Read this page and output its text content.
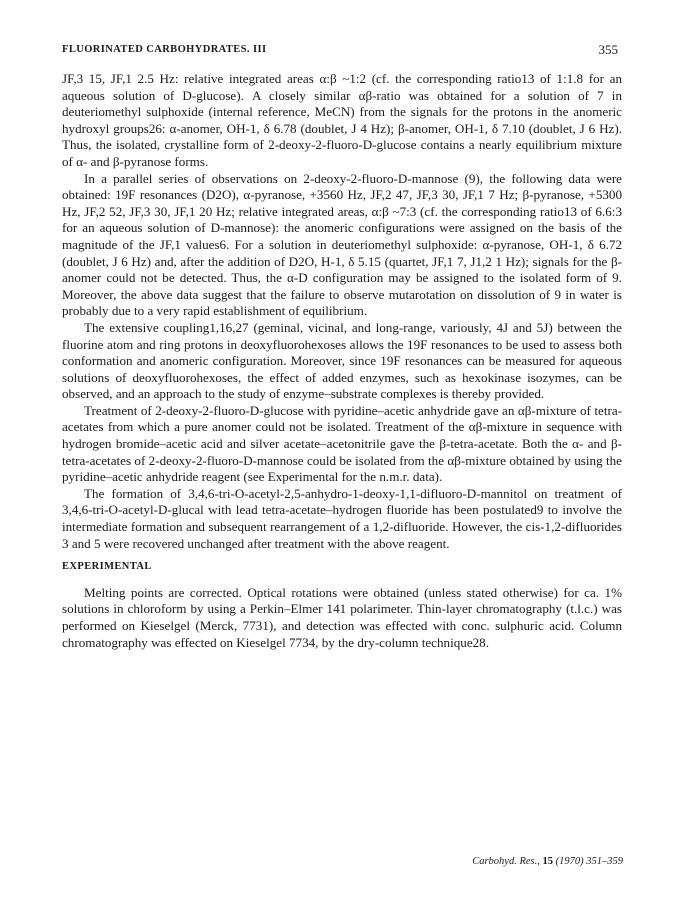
FLUORINATED CARBOHYDRATES. III	355

JF,3 15, JF,1 2.5 Hz: relative integrated areas α:β ~1:2 (cf. the corresponding ratio13 of 1:1.8 for an aqueous solution of D-glucose). A closely similar αβ-ratio was obtained for a solution of 7 in deuteriomethyl sulphoxide (internal reference, MeCN) from the signals for the protons in the anomeric hydroxyl groups26: α-anomer, OH-1, δ 6.78 (doublet, J 4 Hz); β-anomer, OH-1, δ 7.10 (doublet, J 6 Hz). Thus, the isolated, crystalline form of 2-deoxy-2-fluoro-D-glucose contains a nearly equilibrium mixture of α- and β-pyranose forms.

In a parallel series of observations on 2-deoxy-2-fluoro-D-mannose (9), the following data were obtained: 19F resonances (D2O), α-pyranose, +3560 Hz, JF,2 47, JF,3 30, JF,1 7 Hz; β-pyranose, +5300 Hz, JF,2 52, JF,3 30, JF,1 20 Hz; relative integrated areas, α:β ~7:3 (cf. the corresponding ratio13 of 6.6:3 for an aqueous solution of D-mannose): the anomeric configurations were assigned on the basis of the magnitude of the JF,1 values6. For a solution in deuteriomethyl sulphoxide: α-pyranose, OH-1, δ 6.72 (doublet, J 6 Hz) and, after the addition of D2O, H-1, δ 5.15 (quartet, JF,1 7, J1,2 1 Hz); signals for the β-anomer could not be detected. Thus, the α-D configuration may be assigned to the isolated form of 9. Moreover, the above data suggest that the failure to observe mutarotation on dissolution of 9 in water is probably due to a very rapid establishment of equilibrium.

The extensive coupling1,16,27 (geminal, vicinal, and long-range, variously, 4J and 5J) between the fluorine atom and ring protons in deoxyfluorohexoses allows the 19F resonances to be used to assess both conformation and anomeric configuration. Moreover, since 19F resonances can be measured for aqueous solutions of deoxyfluorohexoses, the effect of added enzymes, such as hexokinase isozymes, can be observed, and an approach to the study of enzyme–substrate complexes is thereby provided.

Treatment of 2-deoxy-2-fluoro-D-glucose with pyridine–acetic anhydride gave an αβ-mixture of tetra-acetates from which a pure anomer could not be isolated. Treatment of the αβ-mixture in sequence with hydrogen bromide–acetic acid and silver acetate–acetonitrile gave the β-tetra-acetate. Both the α- and β-tetra-acetates of 2-deoxy-2-fluoro-D-mannose could be isolated from the αβ-mixture obtained by using the pyridine–acetic anhydride reagent (see Experimental for the n.m.r. data).

The formation of 3,4,6-tri-O-acetyl-2,5-anhydro-1-deoxy-1,1-difluoro-D-mannitol on treatment of 3,4,6-tri-O-acetyl-D-glucal with lead tetra-acetate–hydrogen fluoride has been postulated9 to involve the intermediate formation and subsequent rearrangement of a 1,2-difluoride. However, the cis-1,2-difluorides 3 and 5 were recovered unchanged after treatment with the above reagent.

EXPERIMENTAL

Melting points are corrected. Optical rotations were obtained (unless stated otherwise) for ca. 1% solutions in chloroform by using a Perkin–Elmer 141 polarimeter. Thin-layer chromatography (t.l.c.) was performed on Kieselgel (Merck, 7731), and detection was effected with conc. sulphuric acid. Column chromatography was effected on Kieselgel 7734, by the dry-column technique28.

Carbohyd. Res., 15 (1970) 351–359
